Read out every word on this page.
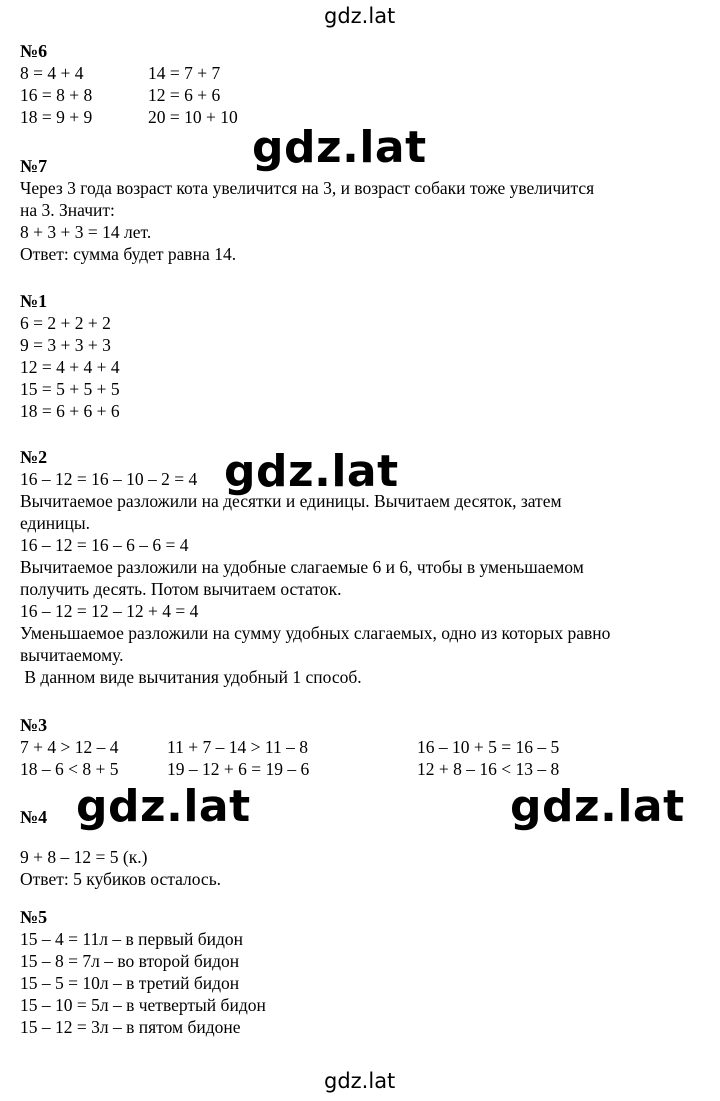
gdz.lat
№6
8 = 4 + 4	14 = 7 + 7
16 = 8 + 8	12 = 6 + 6
18 = 9 + 9	20 = 10 + 10
gdz.lat
№7
Через 3 года возраст кота увеличится на 3, и возраст собаки тоже увеличится
на 3. Значит:
8 + 3 + 3 = 14 лет.
Ответ: сумма будет равна 14.
№1
6 = 2 + 2 + 2
9 = 3 + 3 + 3
12 = 4 + 4 + 4
15 = 5 + 5 + 5
18 = 6 + 6 + 6
№2
16 – 12 = 16 – 10 – 2 = 4
Вычитаемое разложили на десятки и единицы. Вычитаем десяток, затем
единицы.
16 – 12 = 16 – 6 – 6 = 4
Вычитаемое разложили на удобные слагаемые 6 и 6, чтобы в уменьшаемом
получить десять. Потом вычитаем остаток.
16 – 12 = 12 – 12 + 4 = 4
Уменьшаемое разложили на сумму удобных слагаемых, одно из которых равно
вычитаемому.
В данном виде вычитания удобный 1 способ.
gdz.lat
№3
7 + 4 > 12 – 4	11 + 7 – 14 > 11 – 8	16 – 10 + 5 = 16 – 5
18 – 6 < 8 + 5	19 – 12 + 6 = 19 – 6	12 + 8 – 16 < 13 – 8
№4
9 + 8 – 12 = 5 (к.)
Ответ: 5 кубиков осталось.
gdz.lat	gdz.lat
№5
15 – 4 = 11л – в первый бидон
15 – 8 = 7л – во второй бидон
15 – 5 = 10л – в третий бидон
15 – 10 = 5л – в четвертый бидон
15 – 12 = 3л – в пятом бидоне
gdz.lat
